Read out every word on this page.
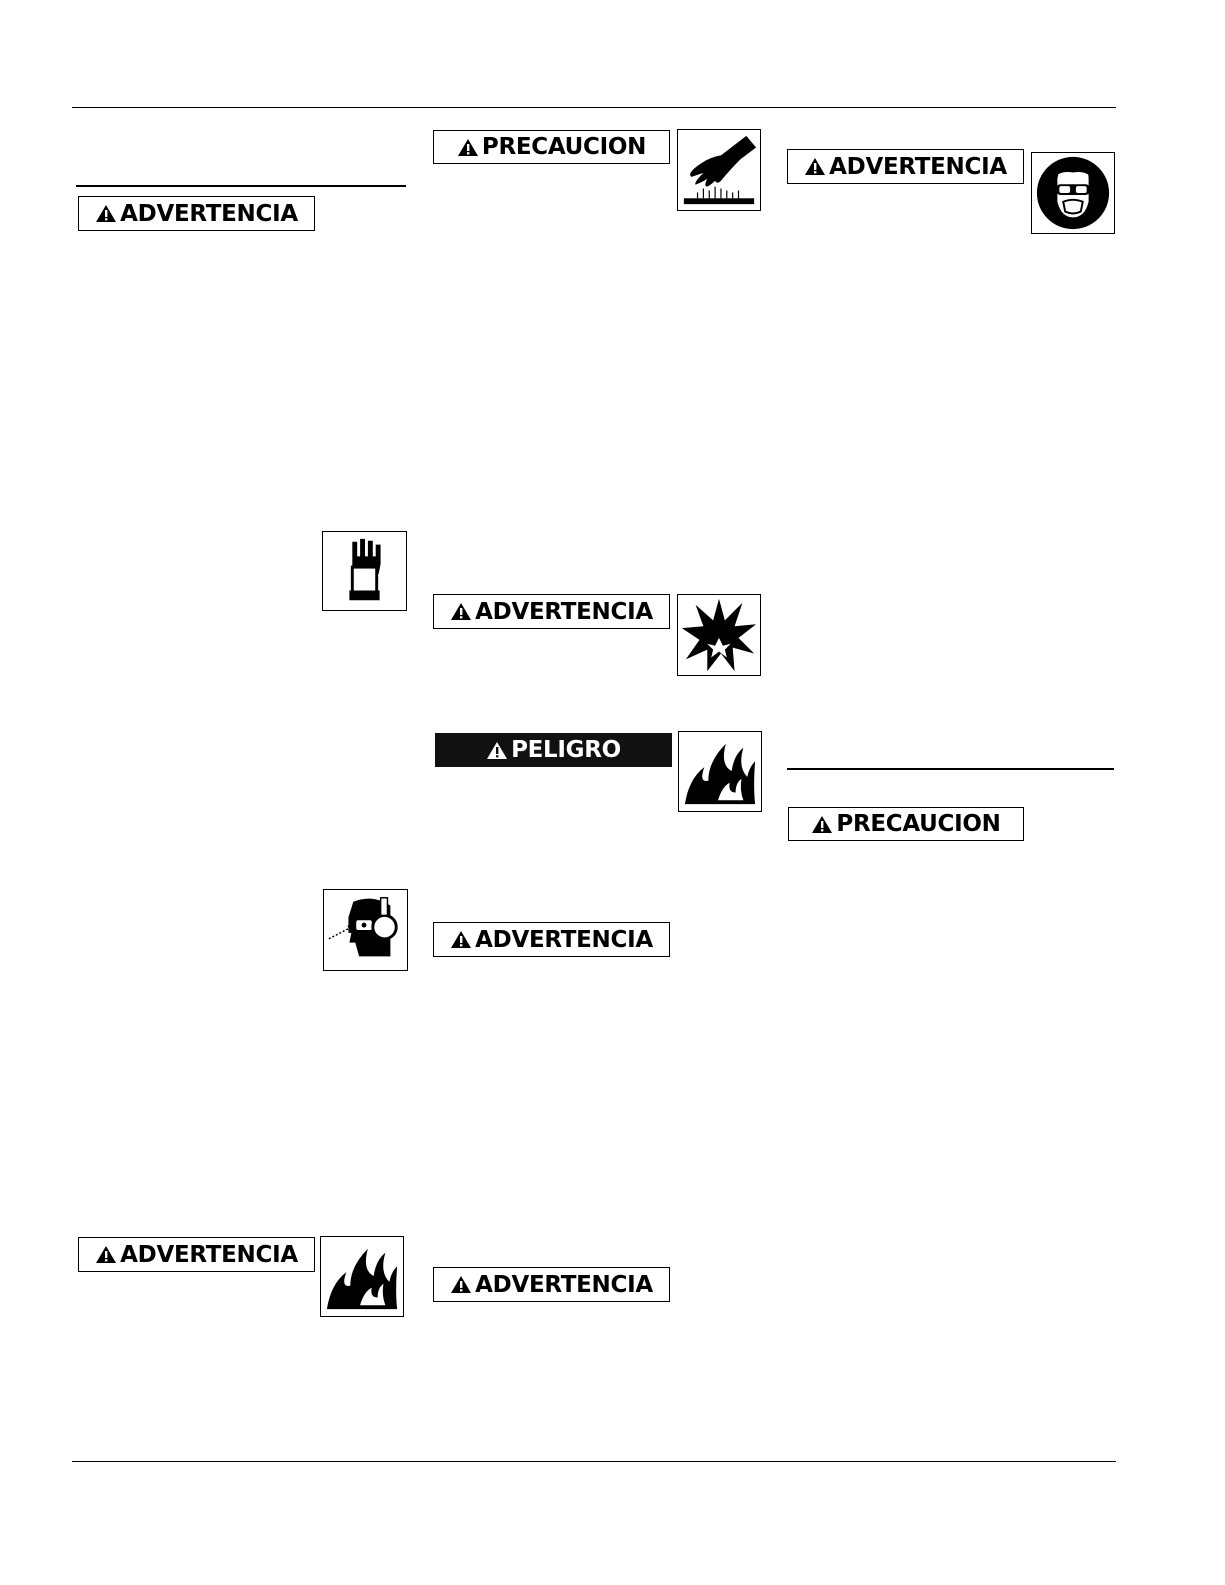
ADVERTENCIA
ADVERTENCIA
PRECAUCION
ADVERTENCIA
PELIGRO
ADVERTENCIA
ADVERTENCIA
ADVERTENCIA
PRECAUCION
